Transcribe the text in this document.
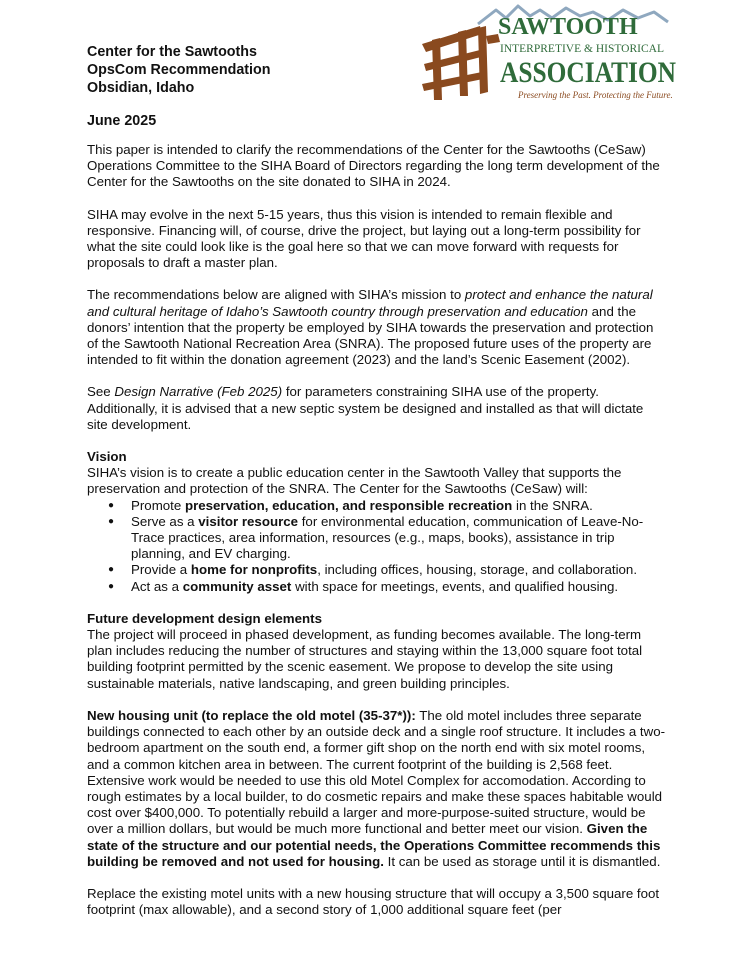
Center for the Sawtooths
OpsCom Recommendation
Obsidian, Idaho
SAWTOOTH
INTERPRETIVE & HISTORICAL
ASSOCIATION
Preserving the Past. Protecting the Future.
June 2025

This paper is intended to clarify the recommendations of the Center for the Sawtooths (CeSaw) Operations Committee to the SIHA Board of Directors regarding the long term development of the Center for the Sawtooths on the site donated to SIHA in 2024.

SIHA may evolve in the next 5-15 years, thus this vision is intended to remain flexible and responsive. Financing will, of course, drive the project, but laying out a long-term possibility for what the site could look like is the goal here so that we can move forward with requests for proposals to draft a master plan.

The recommendations below are aligned with SIHA’s mission to protect and enhance the natural and cultural heritage of Idaho’s Sawtooth country through preservation and education and the donors’ intention that the property be employed by SIHA towards the preservation and protection of the Sawtooth National Recreation Area (SNRA). The proposed future uses of the property are intended to fit within the donation agreement (2023) and the land’s Scenic Easement (2002).

See Design Narrative (Feb 2025) for parameters constraining SIHA use of the property. Additionally, it is advised that a new septic system be designed and installed as that will dictate site development.

Vision

SIHA’s vision is to create a public education center in the Sawtooth Valley that supports the preservation and protection of the SNRA. The Center for the Sawtooths (CeSaw) will:

● Promote preservation, education, and responsible recreation in the SNRA.
● Serve as a visitor resource for environmental education, communication of Leave-No-Trace practices, area information, resources (e.g., maps, books), assistance in trip planning, and EV charging.
● Provide a home for nonprofits, including offices, housing, storage, and collaboration.
● Act as a community asset with space for meetings, events, and qualified housing.
Future development design elements

The project will proceed in phased development, as funding becomes available. The long-term plan includes reducing the number of structures and staying within the 13,000 square foot total building footprint permitted by the scenic easement. We propose to develop the site using sustainable materials, native landscaping, and green building principles.

New housing unit (to replace the old motel (35-37*)): The old motel includes three separate buildings connected to each other by an outside deck and a single roof structure. It includes a two-bedroom apartment on the south end, a former gift shop on the north end with six motel rooms, and a common kitchen area in between. The current footprint of the building is 2,568 feet. Extensive work would be needed to use this old Motel Complex for accomodation. According to rough estimates by a local builder, to do cosmetic repairs and make these spaces habitable would cost over $400,000. To potentially rebuild a larger and more-purpose-suited structure, would be over a million dollars, but would be much more functional and better meet our vision. Given the state of the structure and our potential needs, the Operations Committee recommends this building be removed and not used for housing. It can be used as storage until it is dismantled.

Replace the existing motel units with a new housing structure that will occupy a 3,500 square foot footprint (max allowable), and a second story of 1,000 additional square feet (per
